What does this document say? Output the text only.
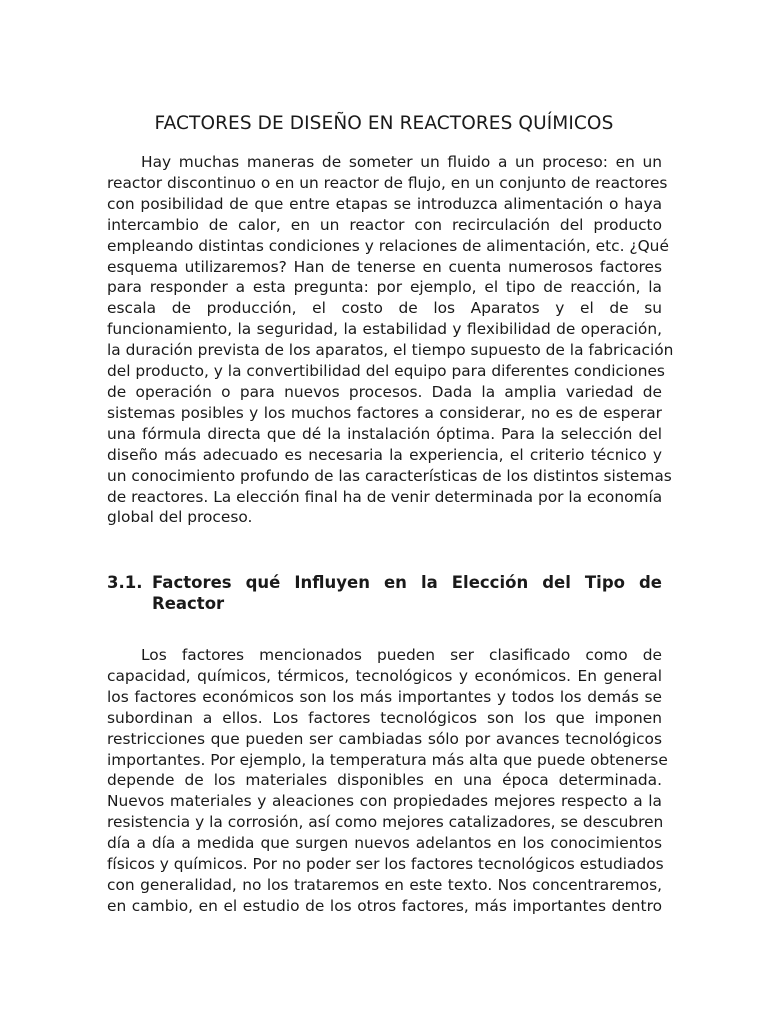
FACTORES DE DISEÑO EN REACTORES QUÍMICOS

Hay muchas maneras de someter un fluido a un proceso: en un
reactor discontinuo o en un reactor de flujo, en un conjunto de reactores
con posibilidad de que entre etapas se introduzca alimentación o haya
intercambio de calor, en un reactor con recirculación del producto
empleando distintas condiciones y relaciones de alimentación, etc. ¿Qué
esquema utilizaremos? Han de tenerse en cuenta numerosos factores
para responder a esta pregunta: por ejemplo, el tipo de reacción, la
escala de producción, el costo de los Aparatos y el de su
funcionamiento, la seguridad, la estabilidad y flexibilidad de operación,
la duración prevista de los aparatos, el tiempo supuesto de la fabricación
del producto, y la convertibilidad del equipo para diferentes condiciones
de operación o para nuevos procesos. Dada la amplia variedad de
sistemas posibles y los muchos factores a considerar, no es de esperar
una fórmula directa que dé la instalación óptima. Para la selección del
diseño más adecuado es necesaria la experiencia, el criterio técnico y
un conocimiento profundo de las características de los distintos sistemas
de reactores. La elección final ha de venir determinada por la economía
global del proceso.

3.1. Factores qué Influyen en la Elección del Tipo de
Reactor

Los factores mencionados pueden ser clasificado como de
capacidad, químicos, térmicos, tecnológicos y económicos. En general
los factores económicos son los más importantes y todos los demás se
subordinan a ellos. Los factores tecnológicos son los que imponen
restricciones que pueden ser cambiadas sólo por avances tecnológicos
importantes. Por ejemplo, la temperatura más alta que puede obtenerse
depende de los materiales disponibles en una época determinada.
Nuevos materiales y aleaciones con propiedades mejores respecto a la
resistencia y la corrosión, así como mejores catalizadores, se descubren
día a día a medida que surgen nuevos adelantos en los conocimientos
físicos y químicos. Por no poder ser los factores tecnológicos estudiados
con generalidad, no los trataremos en este texto. Nos concentraremos,
en cambio, en el estudio de los otros factores, más importantes dentro
